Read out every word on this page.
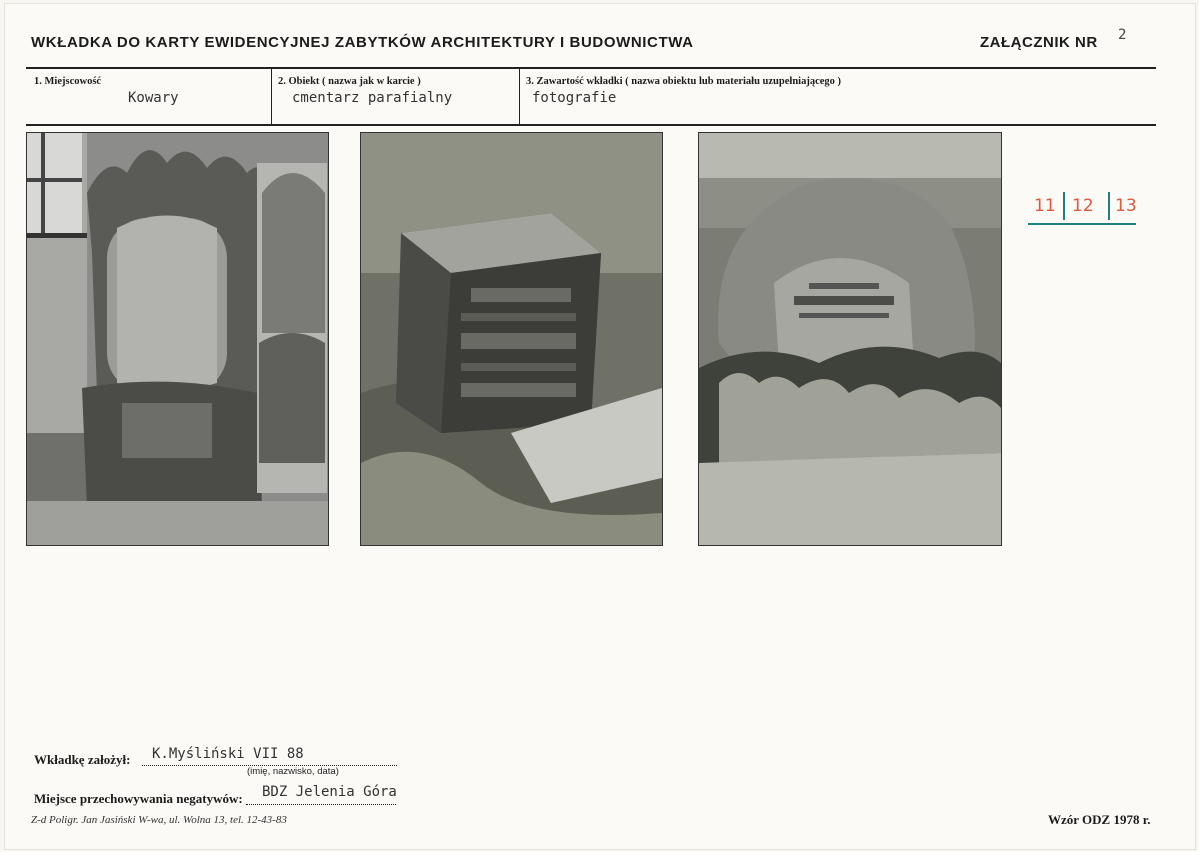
WKŁADKA DO KARTY EWIDENCYJNEJ ZABYTKÓW ARCHITEKTURY I BUDOWNICTWA	ZAŁĄCZNIK NR 2
1. Miejscowość
Kowary
2. Obiekt ( nazwa jak w karcie )
cmentarz parafialny
3. Zawartość wkładki ( nazwa obiektu lub materiału uzupełniającego )
fotografie
11 12 13
Wkładkę założył: K.Myśliński VII 88
(imię, nazwisko, data)
Miejsce przechowywania negatywów: BDZ Jelenia Góra
Z-d Poligr. Jan Jasiński W-wa, ul. Wolna 13, tel. 12-43-83	Wzór ODZ 1978 r.
